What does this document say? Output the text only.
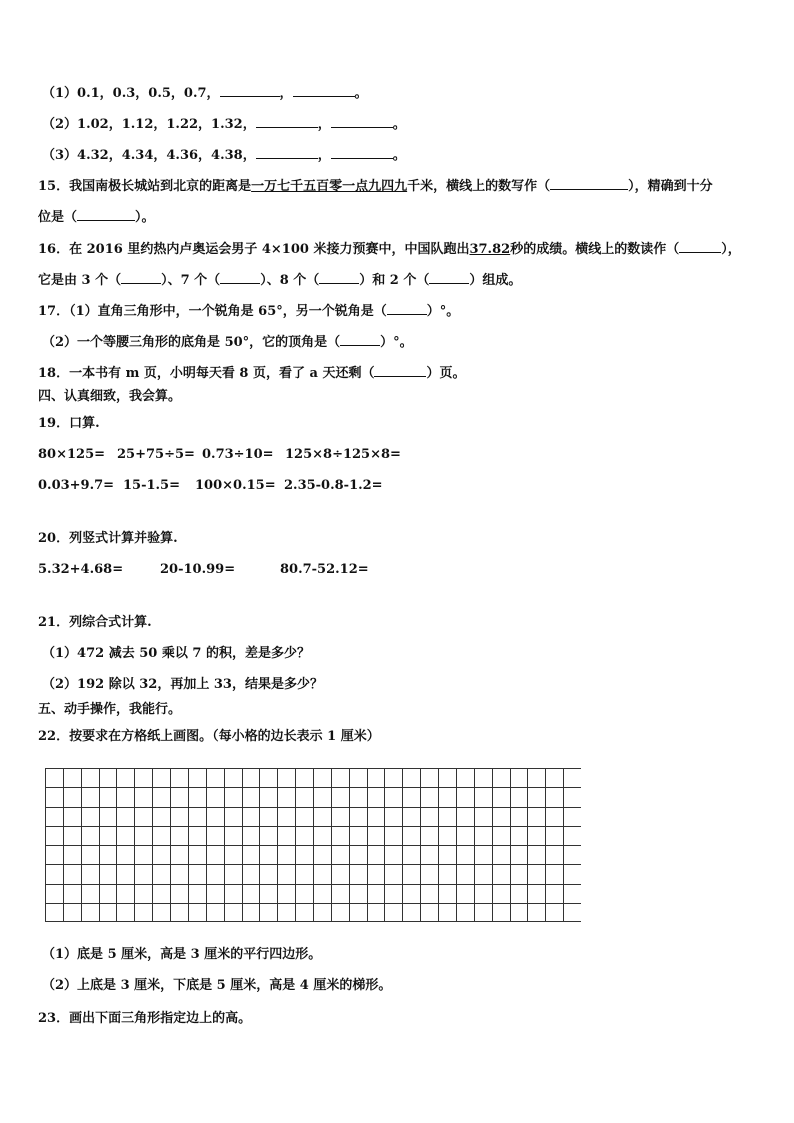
（1）0.1，0.3，0.5，0.7，	，	。
（2）1.02，1.12，1.22，1.32，	，	。
（3）4.32，4.34，4.36，4.38，	，	。
15．我国南极长城站到北京的距离是一万七千五百零一点九四九千米，横线上的数写作（	），精确到十分
位是（	）。
16．在 2016 里约热内卢奥运会男子 4×100 米接力预赛中，中国队跑出37.82秒的成绩。横线上的数读作（	），
它是由 3 个（	）、7 个（	）、8 个（	）和 2 个（	）组成。
17．（1）直角三角形中，一个锐角是 65°，另一个锐角是（	）°。
（2）一个等腰三角形的底角是 50°，它的顶角是（	）°。
18．一本书有 m 页，小明每天看 8 页，看了 a 天还剩（	）页。
四、认真细致，我会算。
19．口算.
80×125= 25+75÷5= 0.73÷10= 125×8÷125×8=
0.03+9.7= 15-1.5= 100×0.15= 2.35-0.8-1.2=
20．列竖式计算并验算.
5.32+4.68=	20-10.99=	80.7-52.12=
21．列综合式计算.
（1）472 减去 50 乘以 7 的积，差是多少？
（2）192 除以 32，再加上 33，结果是多少？
五、动手操作，我能行。
22．按要求在方格纸上画图。（每小格的边长表示 1 厘米）
（1）底是 5 厘米，高是 3 厘米的平行四边形。
（2）上底是 3 厘米，下底是 5 厘米，高是 4 厘米的梯形。
23．画出下面三角形指定边上的高。
